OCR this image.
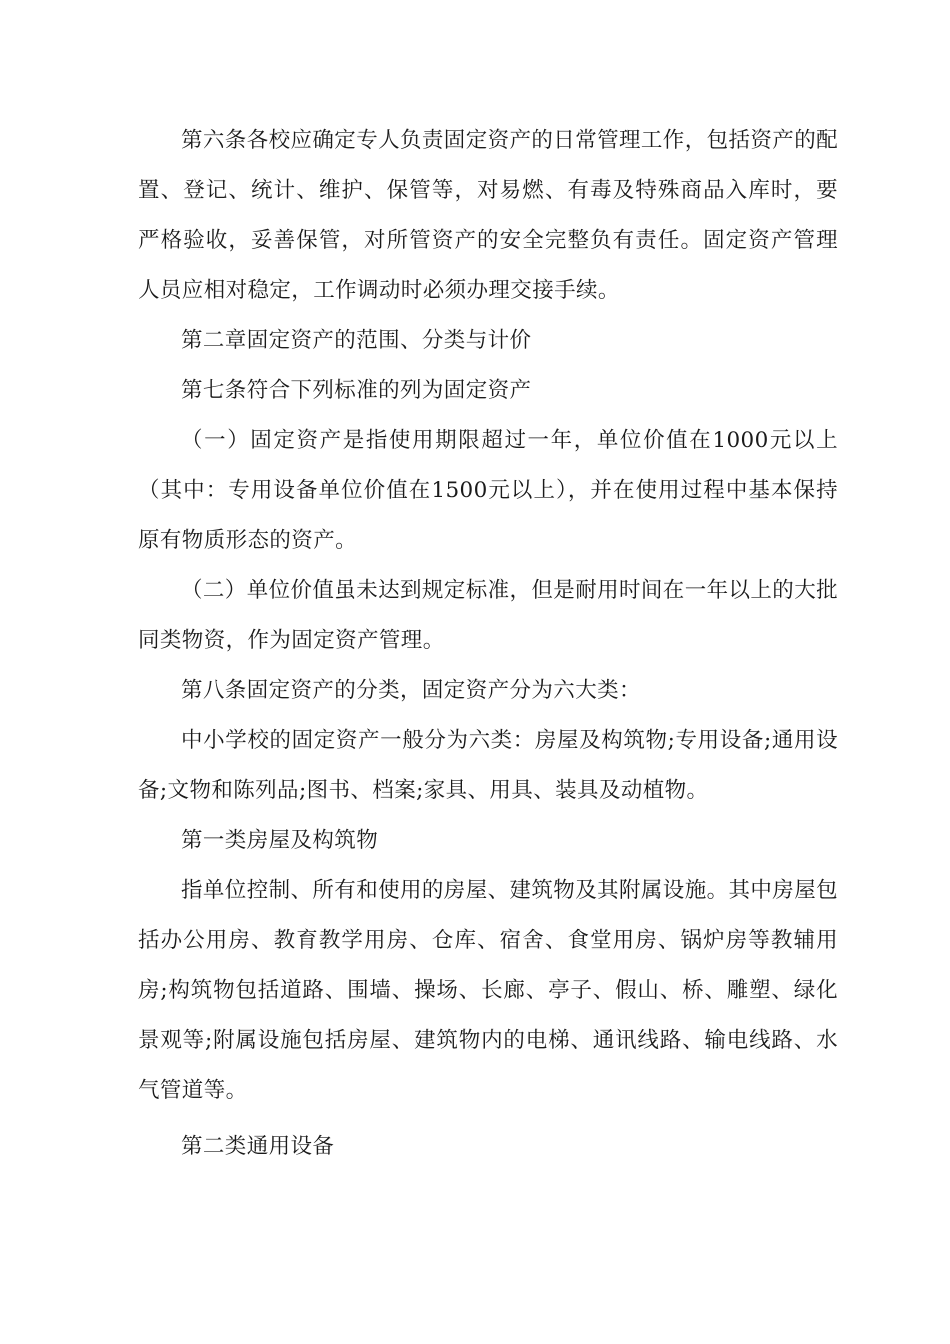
第六条各校应确定专人负责固定资产的日常管理工作，包括资产的配置、登记、统计、维护、保管等，对易燃、有毒及特殊商品入库时，要严格验收，妥善保管，对所管资产的安全完整负有责任。固定资产管理人员应相对稳定，工作调动时必须办理交接手续。

第二章固定资产的范围、分类与计价

第七条符合下列标准的列为固定资产

（一）固定资产是指使用期限超过一年，单位价值在1000元以上（其中：专用设备单位价值在1500元以上），并在使用过程中基本保持原有物质形态的资产。

（二）单位价值虽未达到规定标准，但是耐用时间在一年以上的大批同类物资，作为固定资产管理。

第八条固定资产的分类，固定资产分为六大类：

中小学校的固定资产一般分为六类：房屋及构筑物;专用设备;通用设备;文物和陈列品;图书、档案;家具、用具、装具及动植物。

第一类房屋及构筑物

指单位控制、所有和使用的房屋、建筑物及其附属设施。其中房屋包括办公用房、教育教学用房、仓库、宿舍、食堂用房、锅炉房等教辅用房;构筑物包括道路、围墙、操场、长廊、亭子、假山、桥、雕塑、绿化景观等;附属设施包括房屋、建筑物内的电梯、通讯线路、输电线路、水气管道等。

第二类通用设备
